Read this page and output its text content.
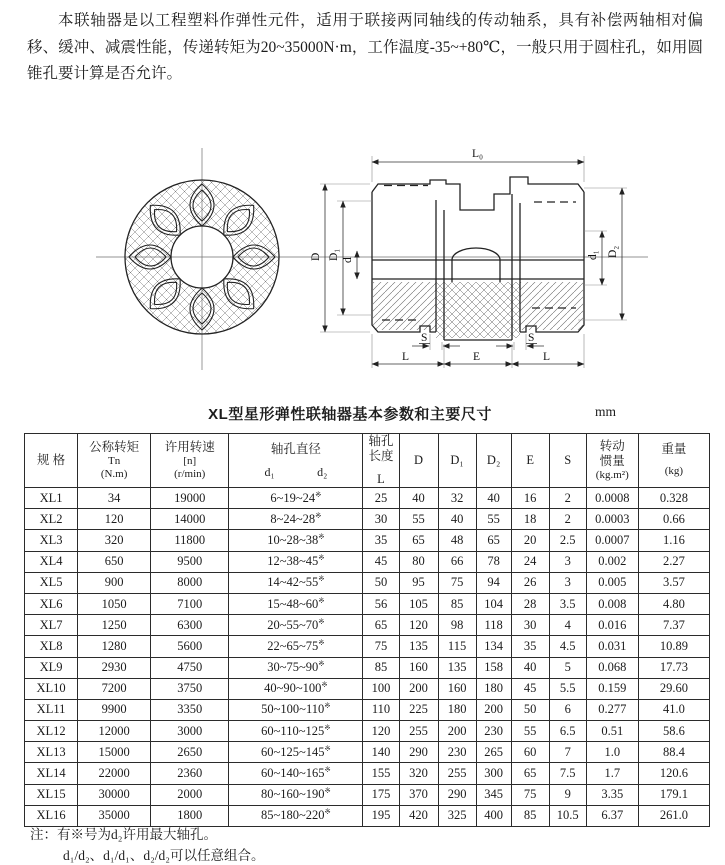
本联轴器是以工程塑料作弹性元件，适用于联接两同轴线的传动轴系，具有补偿两轴相对偏移、缓冲、减震性能，传递转矩为20~35000N·m，工作温度-35~+80℃，一般只用于圆柱孔，如用圆锥孔要计算是否允许。

L₀
D D₁ d
d₁ D₂
S	S
L	E	L
XL型星形弹性联轴器基本参数和主要尺寸	mm
规 格

公称转矩
Tn
(N.m)

许用转速
[n]
(r/min)

轴孔直径
d₁	d₂

轴孔长度
L

D	D₁	D₂	E	S

转动
惯量
(kg.m²)

重量
(kg)

XL1	34	19000	6~19~24※	25	40	32	40	16	2	0.0008	0.328
XL2	120	14000	8~24~28※	30	55	40	55	18	2	0.0003	0.66
XL3	320	11800	10~28~38※	35	65	48	65	20	2.5	0.0007	1.16
XL4	650	9500	12~38~45※	45	80	66	78	24	3	0.002	2.27
XL5	900	8000	14~42~55※	50	95	75	94	26	3	0.005	3.57
XL6	1050	7100	15~48~60※	56	105	85	104	28	3.5	0.008	4.80
XL7	1250	6300	20~55~70※	65	120	98	118	30	4	0.016	7.37
XL8	1280	5600	22~65~75※	75	135	115	134	35	4.5	0.031	10.89
XL9	2930	4750	30~75~90※	85	160	135	158	40	5	0.068	17.73
XL10	7200	3750	40~90~100※	100	200	160	180	45	5.5	0.159	29.60
XL11	9900	3350	50~100~110※	110	225	180	200	50	6	0.277	41.0
XL12	12000	3000	60~110~125※	120	255	200	230	55	6.5	0.51	58.6
XL13	15000	2650	60~125~145※	140	290	230	265	60	7	1.0	88.4
XL14	22000	2360	60~140~165※	155	320	255	300	65	7.5	1.7	120.6
XL15	30000	2000	80~160~190※	175	370	290	345	75	9	3.35	179.1
XL16	35000	1800	85~180~220※	195	420	325	400	85	10.5	6.37	261.0
注：有※号为d₂许用最大轴孔。
d₁/d₂、d₁/d₁、d₂/d₂可以任意组合。
